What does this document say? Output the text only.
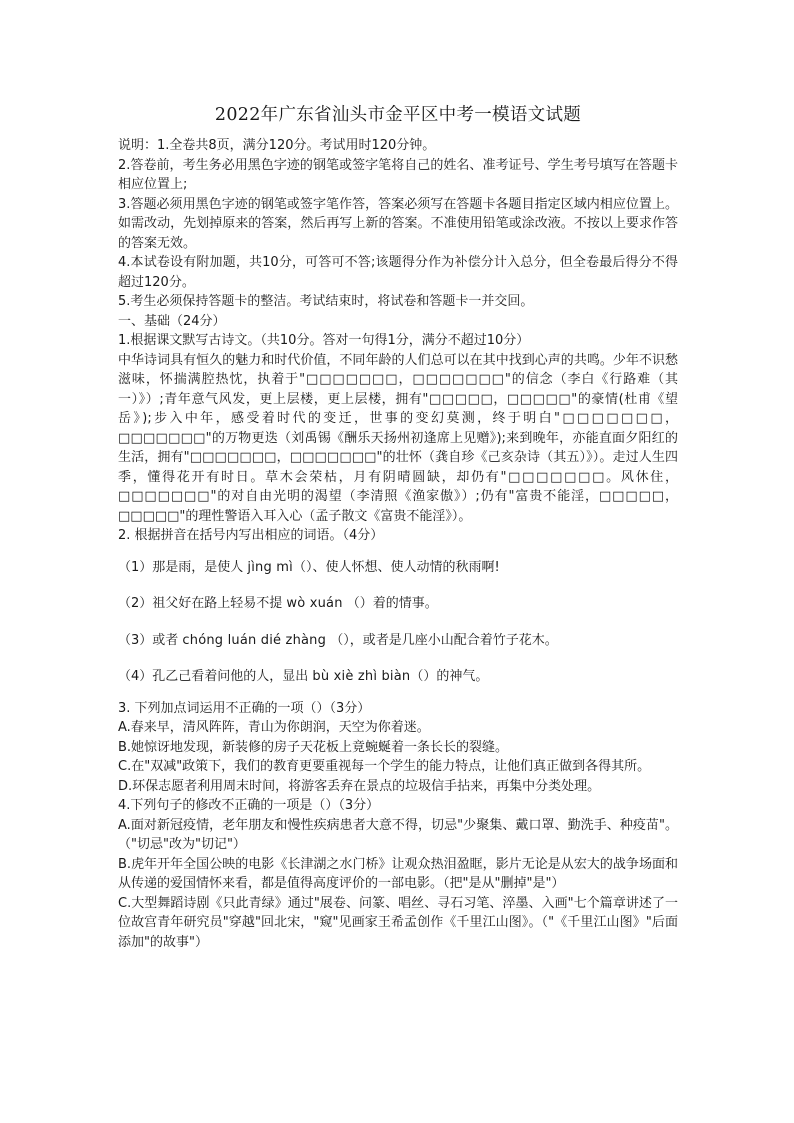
2022年广东省汕头市金平区中考一模语文试题

说明：1.全卷共8页，满分120分。考试用时120分钟。

2.答卷前，考生务必用黑色字迹的钢笔或签字笔将自己的姓名、准考证号、学生考号填写在答题卡相应位置上;

3.答题必须用黑色字迹的钢笔或签字笔作答，答案必须写在答题卡各题目指定区域内相应位置上。如需改动，先划掉原来的答案，然后再写上新的答案。不准使用铅笔或涂改液。不按以上要求作答的答案无效。

4.本试卷设有附加题，共10分，可答可不答;该题得分作为补偿分计入总分，但全卷最后得分不得超过120分。

5.考生必须保持答题卡的整洁。考试结束时，将试卷和答题卡一并交回。

一、基础（24分）

1.根据课文默写古诗文。（共10分。答对一句得1分，满分不超过10分）

中华诗词具有恒久的魅力和时代价值，不同年龄的人们总可以在其中找到心声的共鸣。少年不识愁滋味，怀揣满腔热忱，执着于"□□□□□□□，□□□□□□□"的信念（李白《行路难（其一）》）;青年意气风发，更上层楼，更上层楼，拥有"□□□□□，□□□□□"的豪情(杜甫《望岳》);步入中年，感受着时代的变迁，世事的变幻莫测，终于明白"□□□□□□□，□□□□□□□"的万物更迭（刘禹锡《酬乐天扬州初逢席上见赠》);来到晚年，亦能直面夕阳红的生活，拥有"□□□□□□□，□□□□□□□"的壮怀（龚自珍《己亥杂诗（其五）》）。走过人生四季，懂得花开有时日。草木会荣枯，月有阴晴圆缺，却仍有"□□□□□□□。风休住，□□□□□□□"的对自由光明的渴望（李清照《渔家傲》）;仍有"富贵不能淫，□□□□□，□□□□□"的理性警语入耳入心（孟子散文《富贵不能淫》）。

2. 根据拼音在括号内写出相应的词语。（4分）

（1）那是雨，是使人 jìng mì（）、使人怀想、使人动情的秋雨啊!

（2）祖父好在路上轻易不提 wò xuán （）着的情事。

（3）或者 chóng luán dié zhàng （），或者是几座小山配合着竹子花木。

（4）孔乙己看着问他的人，显出 bù xiè zhì biàn（）的神气。

3. 下列加点词运用不正确的一项（）（3分）

A.春来早，清风阵阵，青山为你朗润，天空为你着迷。

B.她惊讶地发现，新装修的房子天花板上竟蜿蜒着一条长长的裂缝。

C.在"双减"政策下，我们的教育更要重视每一个学生的能力特点，让他们真正做到各得其所。

D.环保志愿者利用周末时间，将游客丢弃在景点的垃圾信手拈来，再集中分类处理。

4.下列句子的修改不正确的一项是（）（3分）

A.面对新冠疫情，老年朋友和慢性疾病患者大意不得，切忌"少聚集、戴口罩、勤洗手、种疫苗"。（"切忌"改为"切记"）

B.虎年开年全国公映的电影《长津湖之水门桥》让观众热泪盈眶，影片无论是从宏大的战争场面和从传递的爱国情怀来看，都是值得高度评价的一部电影。（把"是从"删掉"是"）

C.大型舞蹈诗剧《只此青绿》通过"展卷、问篆、唱丝、寻石习笔、淬墨、入画"七个篇章讲述了一位故宫青年研究员"穿越"回北宋，"窥"见画家王希孟创作《千里江山图》。（"《千里江山图》"后面添加"的故事"）
